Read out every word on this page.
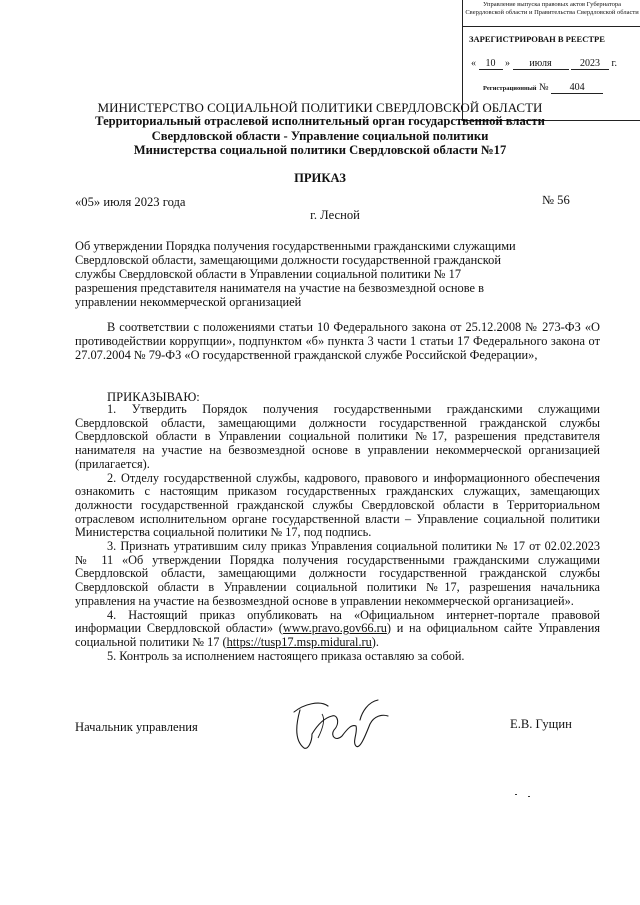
Управление выпуска правовых актов Губернатора Свердловской области и Правительства Свердловской области
ЗАРЕГИСТРИРОВАН В РЕЕСТРЕ
« 10 » июля	2023 г.
Регистрационный № 404
МИНИСТЕРСТВО СОЦИАЛЬНОЙ ПОЛИТИКИ СВЕРДЛОВСКОЙ ОБЛАСТИ
Территориальный отраслевой исполнительный орган государственной власти
Свердловской области - Управление социальной политики
Министерства социальной политики Свердловской области №17
ПРИКАЗ
«05» июля 2023 года	№ 56
г. Лесной
Об утверждении Порядка получения государственными гражданскими служащими Свердловской области, замещающими должности государственной гражданской службы Свердловской области в Управлении социальной политики № 17 разрешения представителя нанимателя на участие на безвозмездной основе в управлении некоммерческой организацией
В соответствии с положениями статьи 10 Федерального закона от 25.12.2008 № 273-ФЗ «О противодействии коррупции», подпунктом «б» пункта 3 части 1 статьи 17 Федерального закона от 27.07.2004 № 79-ФЗ «О государственной гражданской службе Российской Федерации»,
ПРИКАЗЫВАЮ:

1. Утвердить Порядок получения государственными гражданскими служащими Свердловской области, замещающими должности государственной гражданской службы Свердловской области в Управлении социальной политики №17, разрешения представителя нанимателя на участие на безвозмездной основе в управлении некоммерческой организацией (прилагается).

2. Отделу государственной службы, кадрового, правового и информационного обеспечения ознакомить с настоящим приказом государственных гражданских служащих, замещающих должности государственной гражданской службы Свердловской области в Территориальном отраслевом исполнительном органе государственной власти – Управление социальной политики Министерства социальной политики № 17, под подпись.

3. Признать утратившим силу приказ Управления социальной политики № 17 от 02.02.2023 № 11 «Об утверждении Порядка получения государственными гражданскими служащими Свердловской области, замещающими должности государственной гражданской службы Свердловской области в Управлении социальной политики №17, разрешения начальника управления на участие на безвозмездной основе в управлении некоммерческой организацией».

4. Настоящий приказ опубликовать на «Официальном интернет-портале правовой информации Свердловской области» (www.pravo.gov66.ru) и на официальном сайте Управления социальной политики № 17 (https://tusp17.msp.midural.ru).

5. Контроль за исполнением настоящего приказа оставляю за собой.

Начальник управления	Е.В. Гущин
